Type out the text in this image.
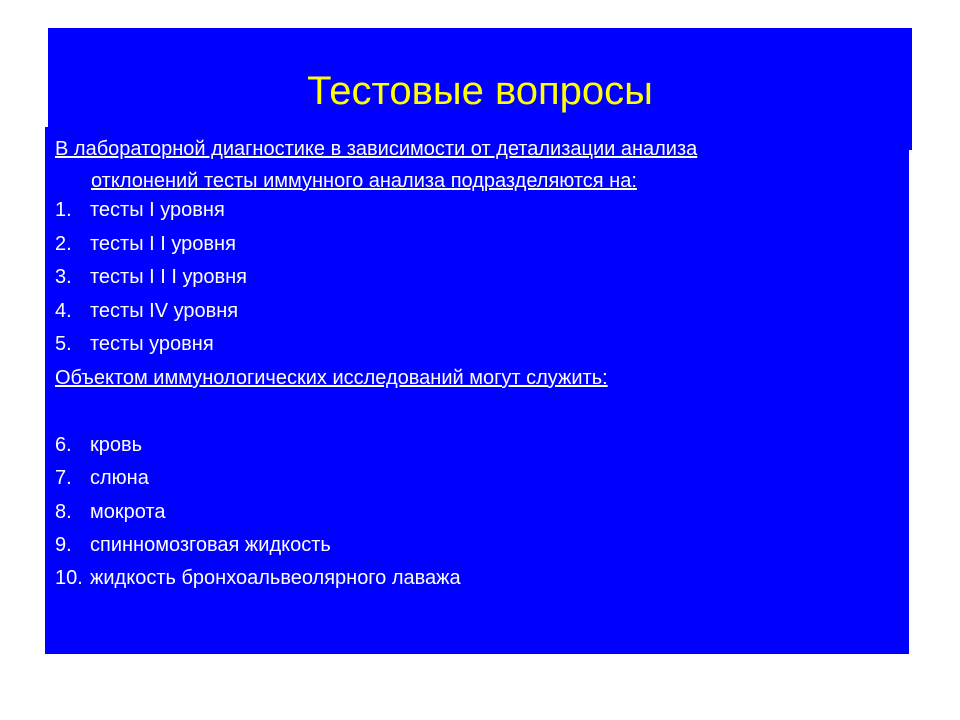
Тестовые вопросы

В лабораторной диагностике в зависимости от детализации анализа
отклонений тесты иммунного анализа подразделяются на:

1. тесты I уровня
2. тесты I I уровня
3. тесты I I I уровня
4. тесты IV уровня
5. тесты уровня

Объектом иммунологических исследований могут служить:

6. кровь
7. слюна
8. мокрота
9. спинномозговая жидкость
10. жидкость бронхоальвеолярного лаважа
